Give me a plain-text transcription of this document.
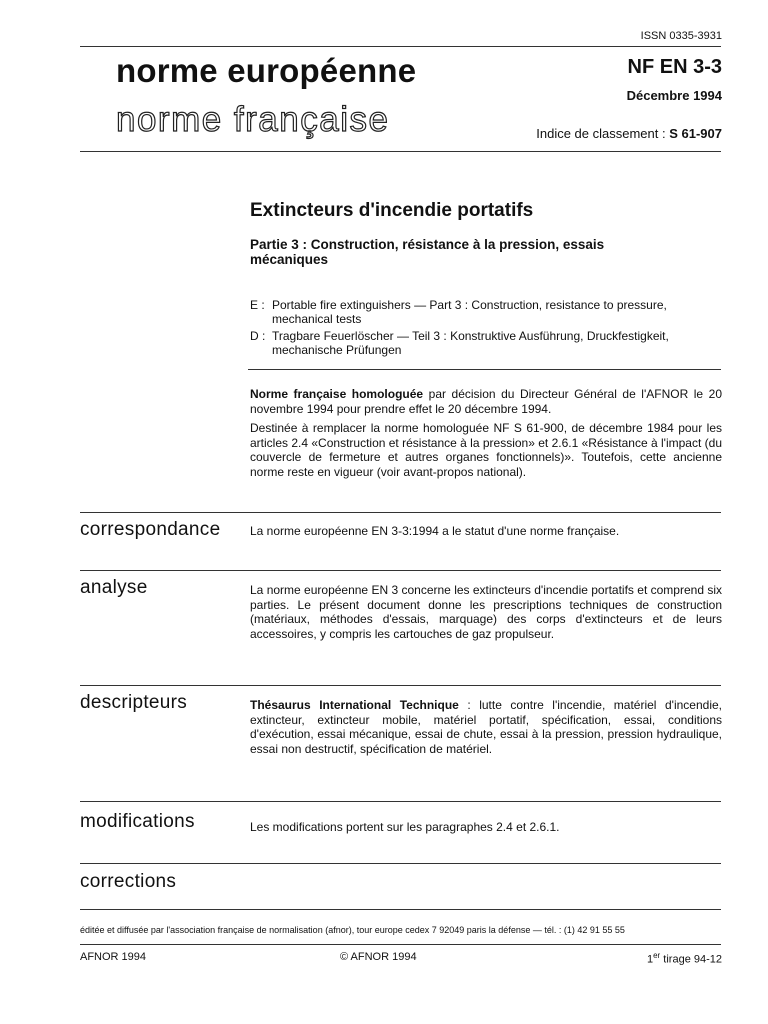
ISSN 0335-3931
norme européenne
norme française
NF EN 3-3
Décembre 1994
Indice de classement : S 61-907
Extincteurs d'incendie portatifs
Partie 3 : Construction, résistance à la pression, essais mécaniques
E : Portable fire extinguishers — Part 3 : Construction, resistance to pressure, mechanical tests
D : Tragbare Feuerlöscher — Teil 3 : Konstruktive Ausführung, Druckfestigkeit, mechanische Prüfungen
Norme française homologuée par décision du Directeur Général de l'AFNOR le 20 novembre 1994 pour prendre effet le 20 décembre 1994.
Destinée à remplacer la norme homologuée NF S 61-900, de décembre 1984 pour les articles 2.4 «Construction et résistance à la pression» et 2.6.1 «Résistance à l'impact (du couvercle de fermeture et autres organes fonctionnels)». Toutefois, cette ancienne norme reste en vigueur (voir avant-propos national).
correspondance La norme européenne EN 3-3:1994 a le statut d'une norme française.
analyse	La norme européenne EN 3 concerne les extincteurs d'incendie portatifs et comprend six parties. Le présent document donne les prescriptions techniques de construction (matériaux, méthodes d'essais, marquage) des corps d'extincteurs et de leurs accessoires, y compris les cartouches de gaz propulseur.
descripteurs	Thésaurus International Technique : lutte contre l'incendie, matériel d'incendie, extincteur, extincteur mobile, matériel portatif, spécification, essai, conditions d'exécution, essai mécanique, essai de chute, essai à la pression, pression hydraulique, essai non destructif, spécification de matériel.
modifications	Les modifications portent sur les paragraphes 2.4 et 2.6.1.
corrections
éditée et diffusée par l'association française de normalisation (afnor), tour europe cedex 7 92049 paris la défense — tél. : (1) 42 91 55 55
AFNOR 1994	© AFNOR 1994	1er tirage 94-12
